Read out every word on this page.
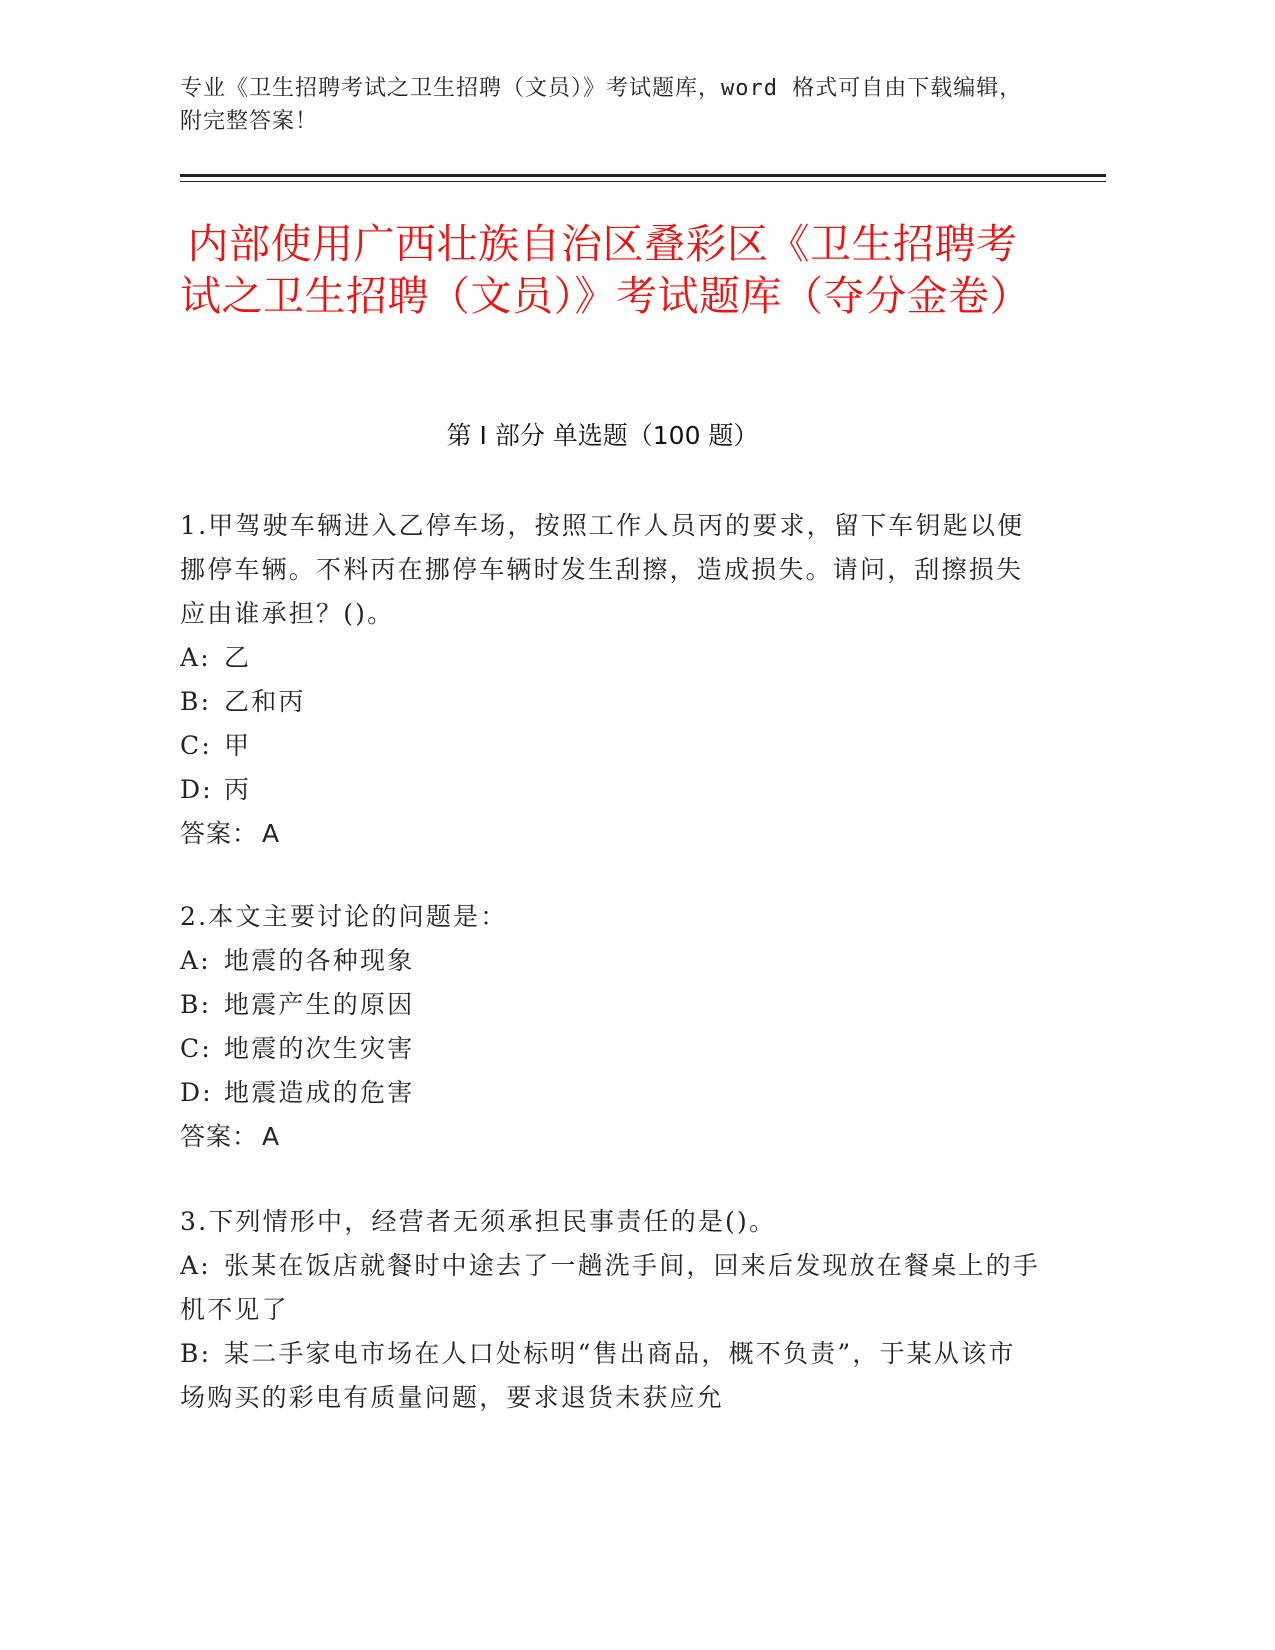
专业《卫生招聘考试之卫生招聘（文员）》考试题库，word 格式可自由下载编辑，附完整答案！
内部使用广西壮族自治区叠彩区《卫生招聘考试之卫生招聘（文员）》考试题库（夺分金卷）
第 I 部分 单选题（100 题）
1.甲驾驶车辆进入乙停车场，按照工作人员丙的要求，留下车钥匙以便挪停车辆。不料丙在挪停车辆时发生刮擦，造成损失。请问，刮擦损失应由谁承担？()。
A: 乙
B: 乙和丙
C: 甲
D: 丙
答案： A
2.本文主要讨论的问题是：
A: 地震的各种现象
B: 地震产生的原因
C: 地震的次生灾害
D: 地震造成的危害
答案： A
3.下列情形中，经营者无须承担民事责任的是()。
A: 张某在饭店就餐时中途去了一趟洗手间，回来后发现放在餐桌上的手机不见了
B: 某二手家电市场在人口处标明“售出商品，概不负责”，于某从该市场购买的彩电有质量问题，要求退货未获应允
